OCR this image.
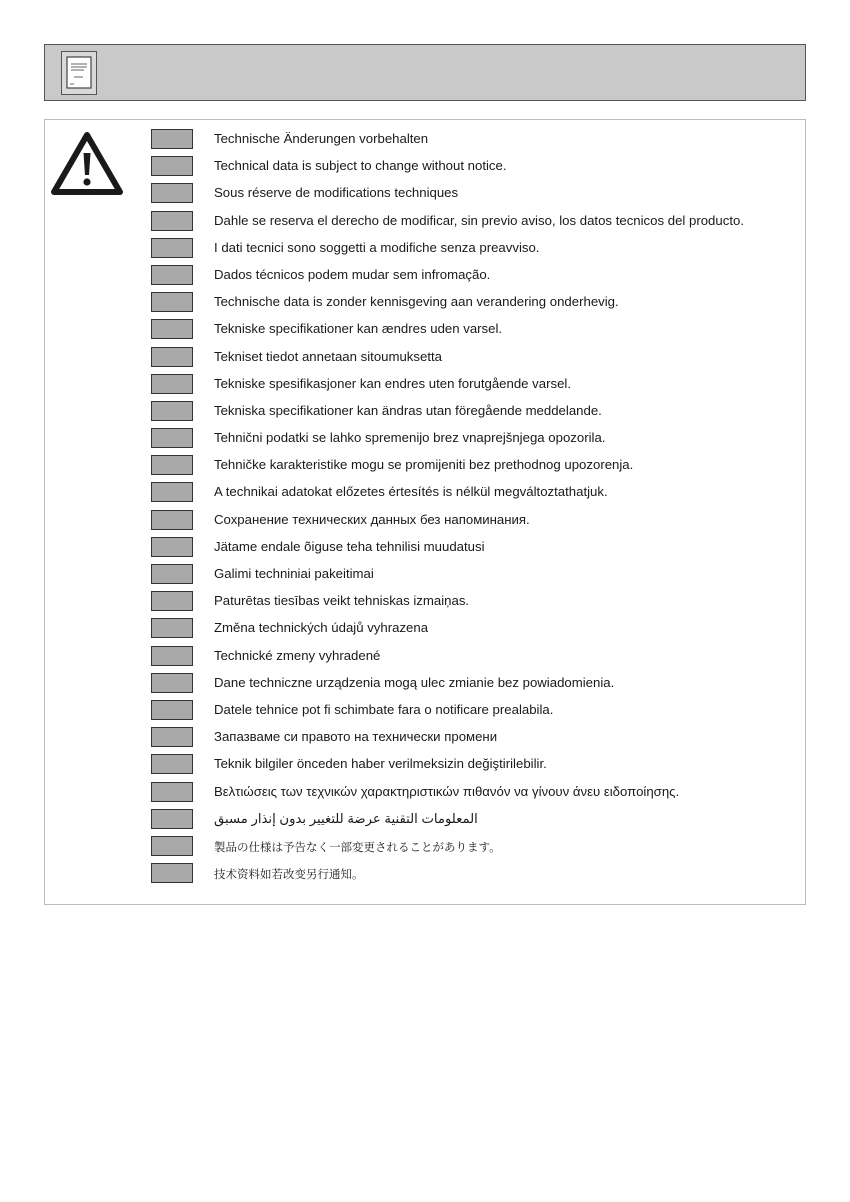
Technische Änderungen vorbehalten
Technical data is subject to change without notice.
Sous réserve de modifications techniques
Dahle se reserva el derecho de modificar, sin previo aviso, los datos tecnicos del producto.
I dati tecnici sono soggetti a modifiche senza preavviso.
Dados técnicos podem mudar sem infromação.
Technische data is zonder kennisgeving aan verandering onderhevig.
Tekniske specifikationer kan ændres uden varsel.
Tekniset tiedot annetaan sitoumuksetta
Tekniske spesifikasjoner kan endres uten forutgående varsel.
Tekniska specifikationer kan ändras utan föregående meddelande.
Tehnični podatki se lahko spremenijo brez vnaprejšnjega opozorila.
Tehničke karakteristike mogu se promijeniti bez prethodnog upozorenja.
A technikai adatokat előzetes értesítés is nélkül megváltoztathatjuk.
Сохранение технических данных без напоминания.
Jätame endale õiguse teha tehnilisi muudatusi
Galimi techniniai pakeitimai
Paturētas tiesības veikt tehniskas izmaiņas.
Změna technických údajů vyhrazena
Technické zmeny vyhradené
Dane techniczne urządzenia mogą ulec zmianie bez powiadomienia.
Datele tehnice pot fi schimbate fara o notificare prealabila.
Запазваме си правото на технически промени
Teknik bilgiler önceden haber verilmeksizin değiştirilebilir.
Βελτιώσεις των τεχνικών χαρακτηριστικών πιθανόν να γίνουν άνευ ειδοποίησης.
المعلومات التقنية عرضة للتغيير بدون إنذار مسبق
製品の仕様は予告なく一部変更されることがあります。
技术资料如若改变另行通知。
